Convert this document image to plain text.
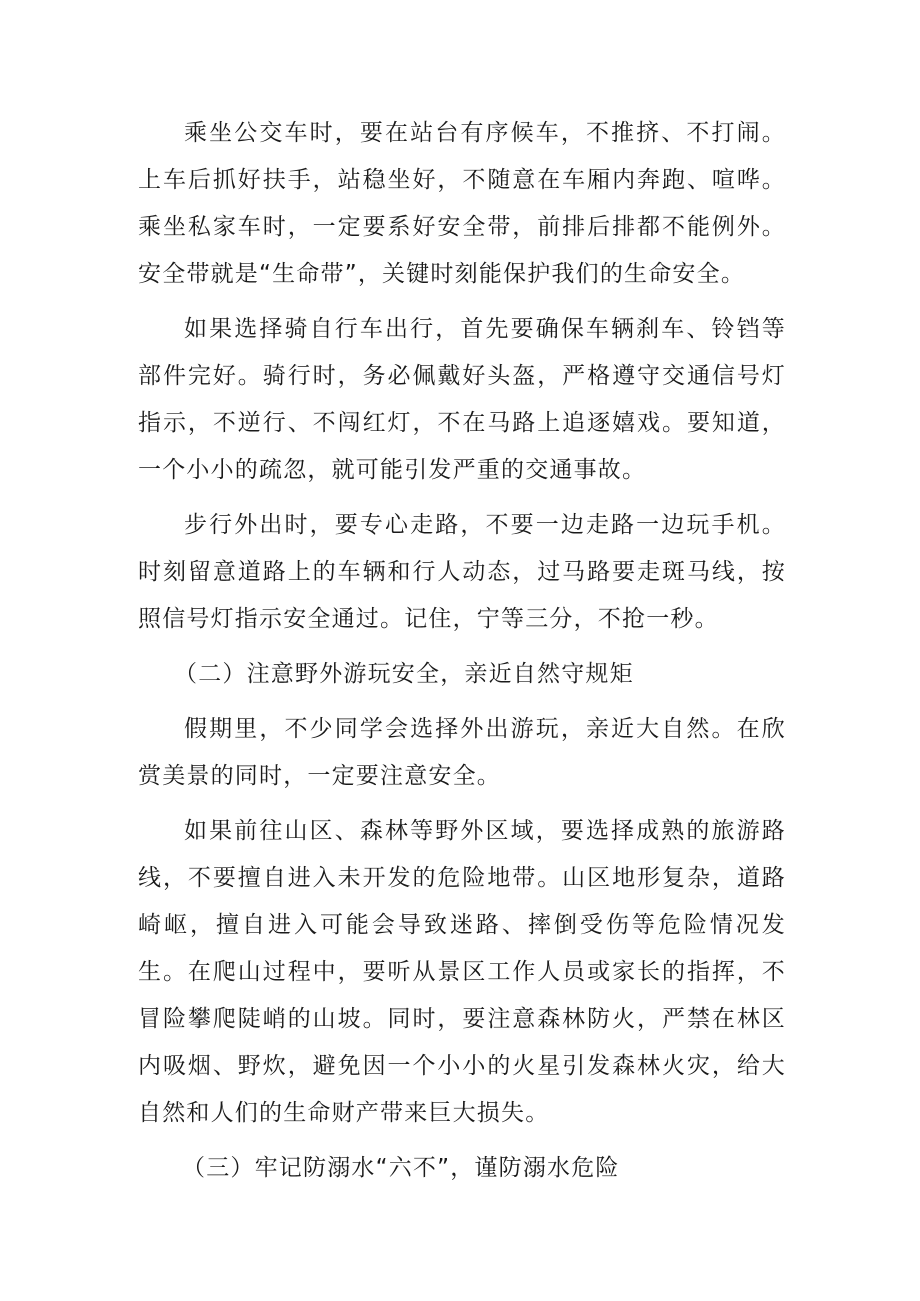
乘坐公交车时，要在站台有序候车，不推挤、不打闹。上车后抓好扶手，站稳坐好，不随意在车厢内奔跑、喧哗。乘坐私家车时，一定要系好安全带，前排后排都不能例外。安全带就是“生命带”，关键时刻能保护我们的生命安全。

如果选择骑自行车出行，首先要确保车辆刹车、铃铛等部件完好。骑行时，务必佩戴好头盔，严格遵守交通信号灯指示，不逆行、不闯红灯，不在马路上追逐嬉戏。要知道，一个小小的疏忽，就可能引发严重的交通事故。

步行外出时，要专心走路，不要一边走路一边玩手机。时刻留意道路上的车辆和行人动态，过马路要走斑马线，按照信号灯指示安全通过。记住，宁等三分，不抢一秒。

（二）注意野外游玩安全，亲近自然守规矩

假期里，不少同学会选择外出游玩，亲近大自然。在欣赏美景的同时，一定要注意安全。

如果前往山区、森林等野外区域，要选择成熟的旅游路线，不要擅自进入未开发的危险地带。山区地形复杂，道路崎岖，擅自进入可能会导致迷路、摔倒受伤等危险情况发生。在爬山过程中，要听从景区工作人员或家长的指挥，不冒险攀爬陡峭的山坡。同时，要注意森林防火，严禁在林区内吸烟、野炊，避免因一个小小的火星引发森林火灾，给大自然和人们的生命财产带来巨大损失。

（三）牢记防溺水“六不”，谨防溺水危险
